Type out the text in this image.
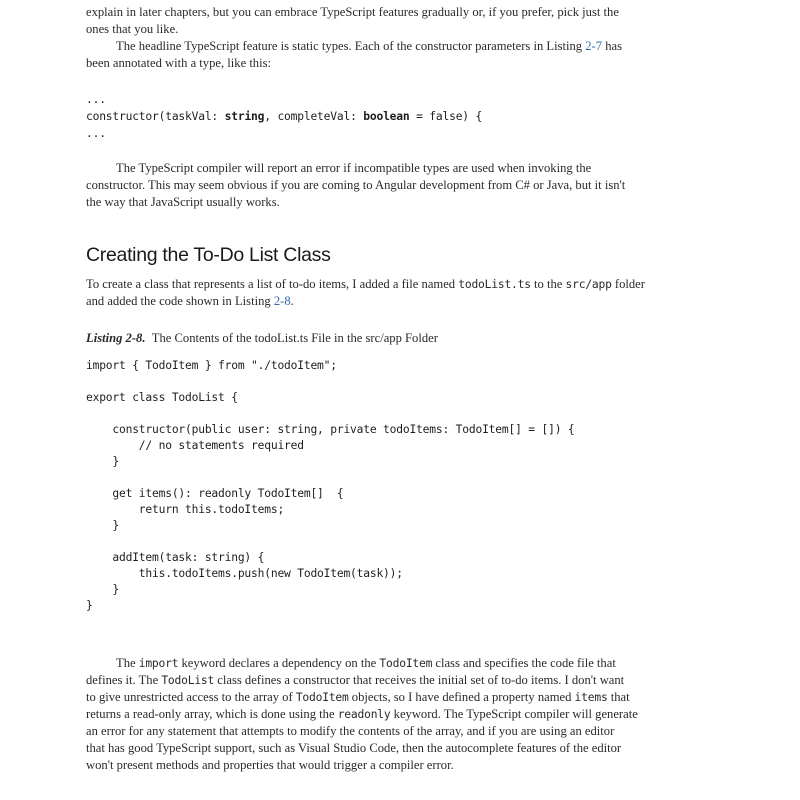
explain in later chapters, but you can embrace TypeScript features gradually or, if you prefer, pick just the
ones that you like.
The headline TypeScript feature is static types. Each of the constructor parameters in Listing 2-7 has
been annotated with a type, like this:
...
constructor(taskVal: string, completeVal: boolean = false) {
...
The TypeScript compiler will report an error if incompatible types are used when invoking the
constructor. This may seem obvious if you are coming to Angular development from C# or Java, but it isn't
the way that JavaScript usually works.
Creating the To-Do List Class
To create a class that represents a list of to-do items, I added a file named todoList.ts to the src/app folder
and added the code shown in Listing 2-8.
Listing 2-8. The Contents of the todoList.ts File in the src/app Folder
import { TodoItem } from "./todoItem";

export class TodoList {

constructor(public user: string, private todoItems: TodoItem[] = []) {
// no statements required
}

get items(): readonly TodoItem[]  {
return this.todoItems;
}

addItem(task: string) {
this.todoItems.push(new TodoItem(task));
}
}
The import keyword declares a dependency on the TodoItem class and specifies the code file that
defines it. The TodoList class defines a constructor that receives the initial set of to-do items. I don't want
to give unrestricted access to the array of TodoItem objects, so I have defined a property named items that
returns a read-only array, which is done using the readonly keyword. The TypeScript compiler will generate
an error for any statement that attempts to modify the contents of the array, and if you are using an editor
that has good TypeScript support, such as Visual Studio Code, then the autocomplete features of the editor
won't present methods and properties that would trigger a compiler error.
